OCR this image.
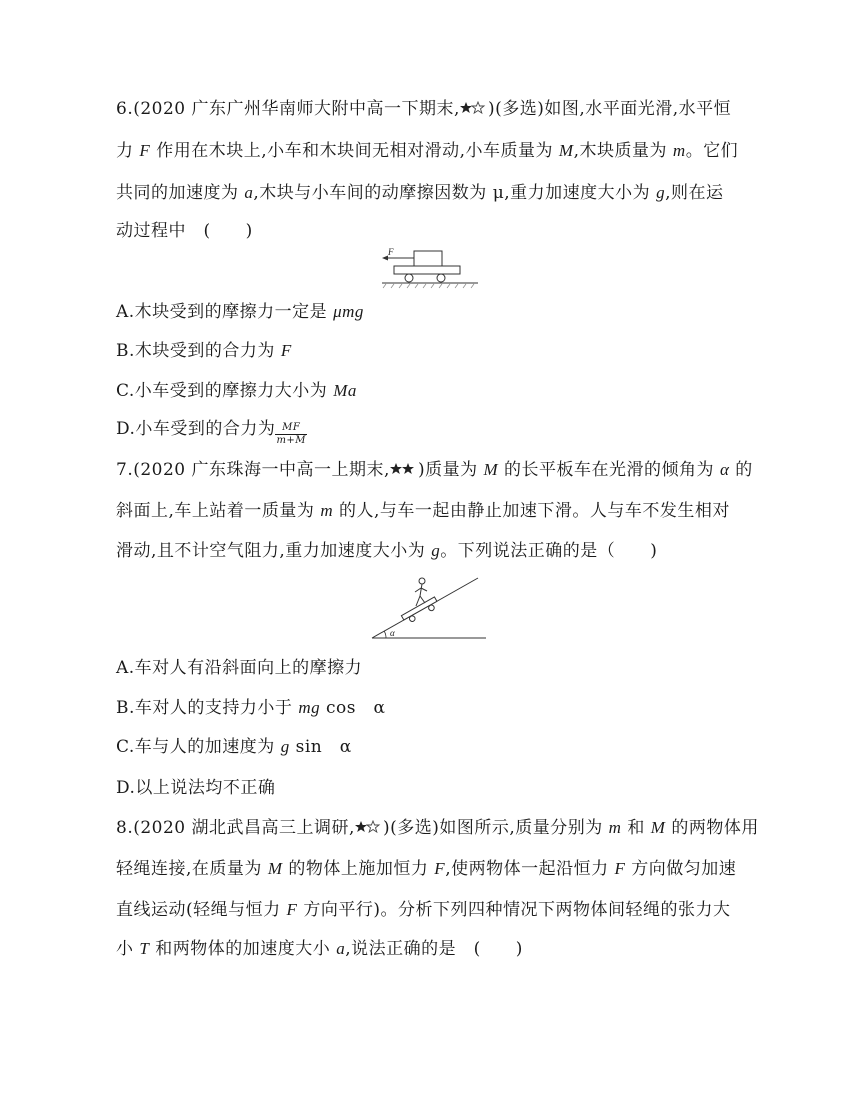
6.(2020 广东广州华南师大附中高一下期末, )(多选)如图,水平面光滑,水平恒
力 F 作用在木块上,小车和木块间无相对滑动,小车质量为 M,木块质量为 m。它们
共同的加速度为 a,木块与小车间的动摩擦因数为 μ,重力加速度大小为 g,则在运
动过程中　(　　)
F
A.木块受到的摩擦力一定是 μmg
B.木块受到的合力为 F
C.小车受到的摩擦力大小为 Ma
D.小车受到的合力为 $\frac{MF}{m+M}$
7.(2020 广东珠海一中高一上期末, )质量为 M 的长平板车在光滑的倾角为 α 的
斜面上,车上站着一质量为 m 的人,与车一起由静止加速下滑。人与车不发生相对
滑动,且不计空气阻力,重力加速度大小为 g。下列说法正确的是（　　)
α
A.车对人有沿斜面向上的摩擦力
B.车对人的支持力小于 mg cos　α
C.车与人的加速度为 g sin　α
D.以上说法均不正确
8.(2020 湖北武昌高三上调研, )(多选)如图所示,质量分别为 m 和 M 的两物体用
轻绳连接,在质量为 M 的物体上施加恒力 F,使两物体一起沿恒力 F 方向做匀加速
直线运动(轻绳与恒力 F 方向平行)。分析下列四种情况下两物体间轻绳的张力大
小 T 和两物体的加速度大小 a,说法正确的是　(　　)
